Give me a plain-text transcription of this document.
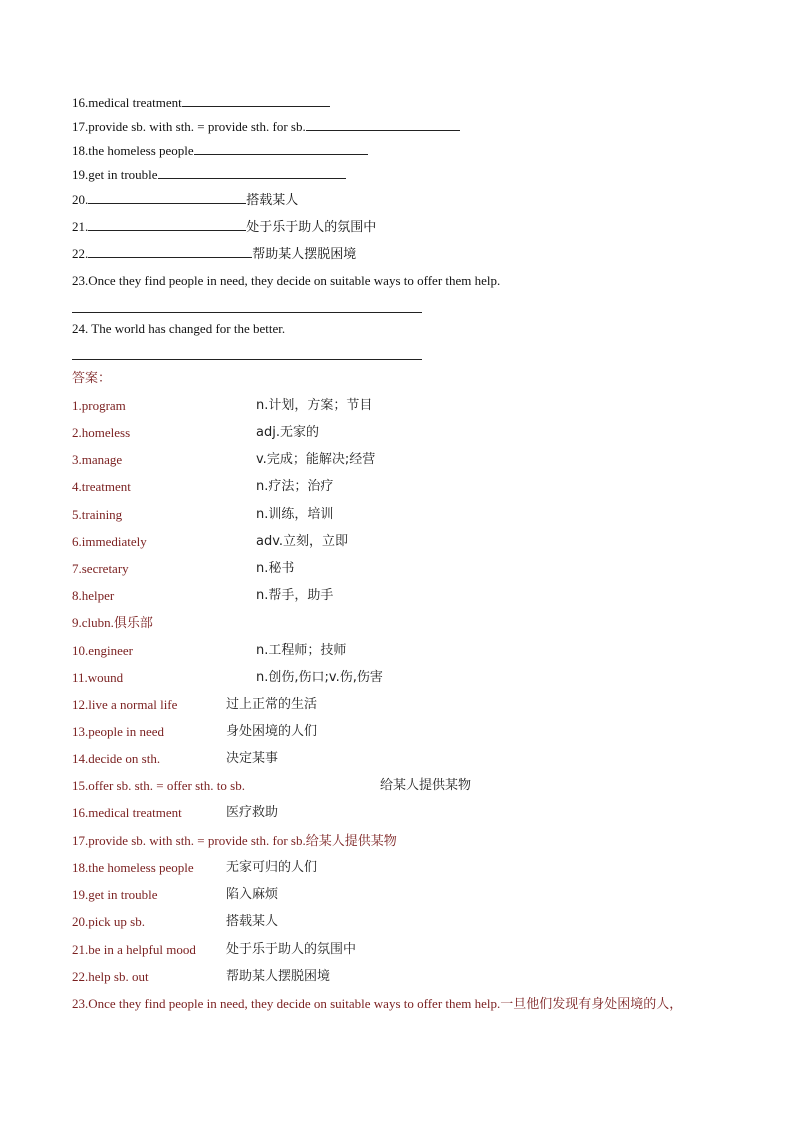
16.medical treatment
17.provide sb. with sth. = provide sth. for sb.
18.the homeless people
19.get in trouble
20.	搭载某人
21.	处于乐于助人的氛围中
22.	帮助某人摆脱困境
23.Once they find people in need, they decide on suitable ways to offer them help.
24. The world has changed for the better.
答案：
1.program	n.计划，方案；节目
2.homeless	adj.无家的
3.manage	v.完成；能解决;经营
4.treatment	n.疗法；治疗
5.training	n.训练，培训
6.immediately	adv.立刻，立即
7.secretary	n.秘书
8.helper	n.帮手，助手
9.clubn.俱乐部
10.engineer	n.工程师；技师
11.wound	n.创伤,伤口;v.伤,伤害
12.live a normal life	过上正常的生活
13.people in need	身处困境的人们
14.decide on sth.	决定某事
15.offer sb. sth. = offer sth. to sb.	给某人提供某物
16.medical treatment	医疗救助
17.provide sb. with sth. = provide sth. for sb.给某人提供某物
18.the homeless people 无家可归的人们
19.get in trouble	陷入麻烦
20.pick up sb.	搭载某人
21.be in a helpful mood 处于乐于助人的氛围中
22.help sb. out	帮助某人摆脱困境
23.Once they find people in need, they decide on suitable ways to offer them help.一旦他们发现有身处困境的人，
